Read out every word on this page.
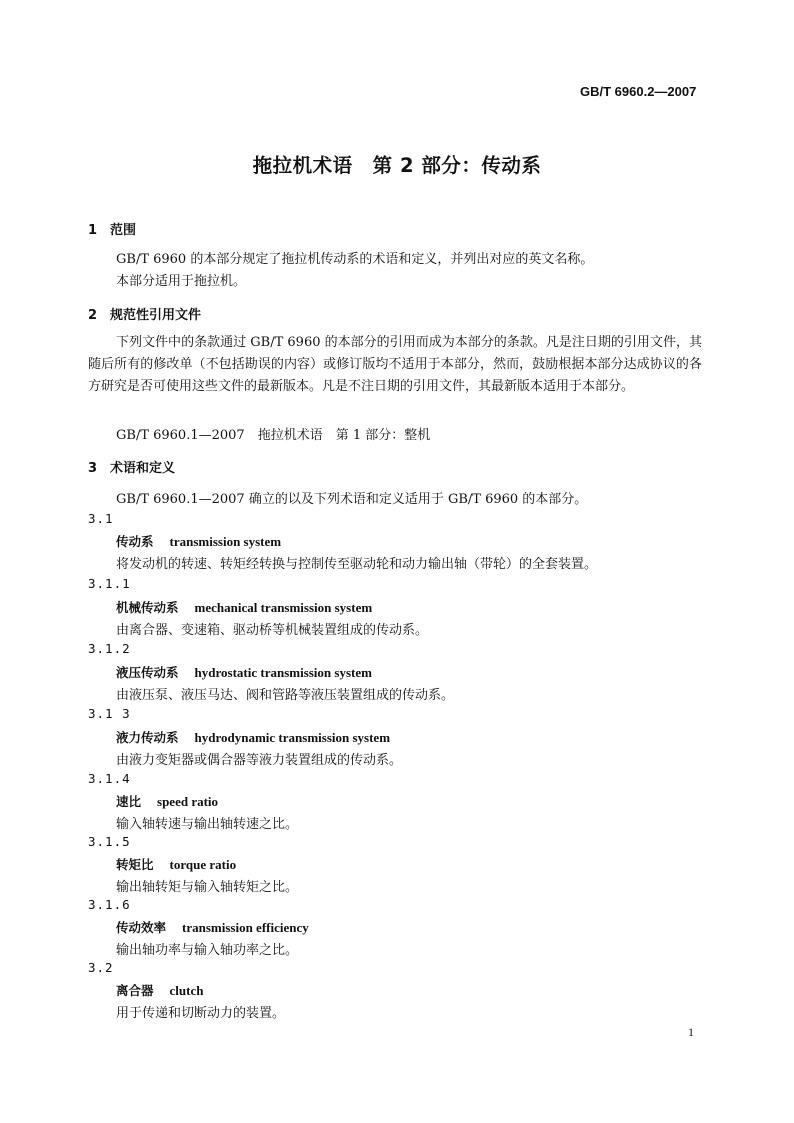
GB/T 6960.2—2007
拖拉机术语　第 2 部分：传动系
1 范围
GB/T 6960 的本部分规定了拖拉机传动系的术语和定义，并列出对应的英文名称。
本部分适用于拖拉机。
2 规范性引用文件
下列文件中的条款通过 GB/T 6960 的本部分的引用而成为本部分的条款。凡是注日期的引用文件，其随后所有的修改单（不包括勘误的内容）或修订版均不适用于本部分，然而，鼓励根据本部分达成协议的各方研究是否可使用这些文件的最新版本。凡是不注日期的引用文件，其最新版本适用于本部分。
GB/T 6960.1—2007　拖拉机术语　第 1 部分：整机
3 术语和定义
GB/T 6960.1—2007 确立的以及下列术语和定义适用于 GB/T 6960 的本部分。
3.1
传动系 transmission system
将发动机的转速、转矩经转换与控制传至驱动轮和动力输出轴（带轮）的全套装置。
3.1.1
机械传动系 mechanical transmission system
由离合器、变速箱、驱动桥等机械装置组成的传动系。
3.1.2
液压传动系 hydrostatic transmission system
由液压泵、液压马达、阀和管路等液压装置组成的传动系。
3.1 3
液力传动系 hydrodynamic transmission system
由液力变矩器或偶合器等液力装置组成的传动系。
3.1.4
速比 speed ratio
输入轴转速与输出轴转速之比。
3.1.5
转矩比 torque ratio
输出轴转矩与输入轴转矩之比。
3.1.6
传动效率 transmission efficiency
输出轴功率与输入轴功率之比。
3.2
离合器 clutch
用于传递和切断动力的装置。
1
